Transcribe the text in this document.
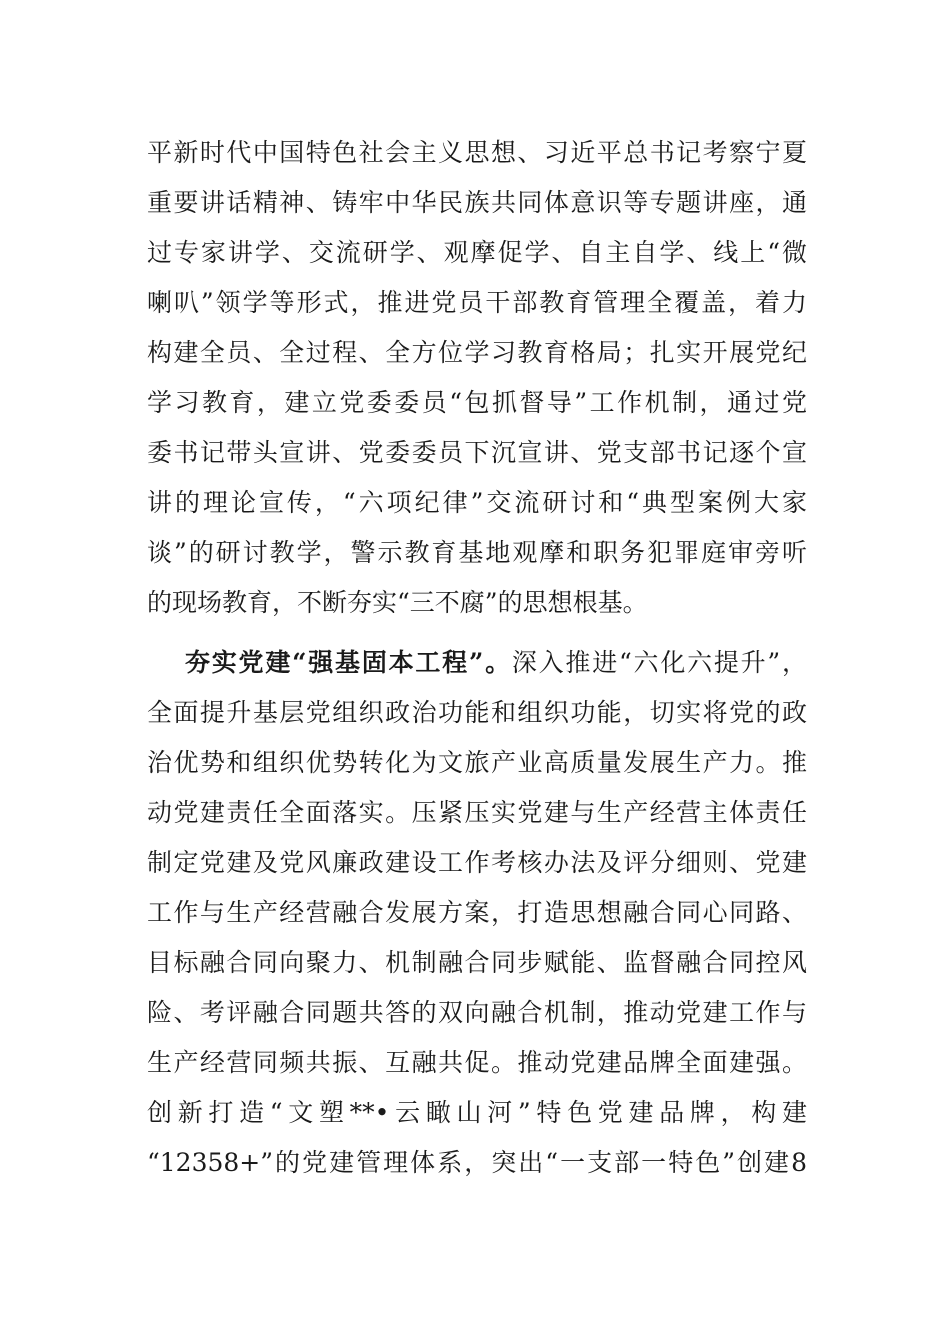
平新时代中国特色社会主义思想、习近平总书记考察宁夏
重要讲话精神、铸牢中华民族共同体意识等专题讲座，通
过专家讲学、交流研学、观摩促学、自主自学、线上“微
喇叭”领学等形式，推进党员干部教育管理全覆盖，着力
构建全员、全过程、全方位学习教育格局；扎实开展党纪
学习教育，建立党委委员“包抓督导”工作机制，通过党
委书记带头宣讲、党委委员下沉宣讲、党支部书记逐个宣
讲的理论宣传，“六项纪律”交流研讨和“典型案例大家
谈”的研讨教学，警示教育基地观摩和职务犯罪庭审旁听
的现场教育，不断夯实“三不腐”的思想根基。
夯实党建“强基固本工程”。深入推进“六化六提升”，
全面提升基层党组织政治功能和组织功能，切实将党的政
治优势和组织优势转化为文旅产业高质量发展生产力。推
动党建责任全面落实。压紧压实党建与生产经营主体责任
制定党建及党风廉政建设工作考核办法及评分细则、党建
工作与生产经营融合发展方案，打造思想融合同心同路、
目标融合同向聚力、机制融合同步赋能、监督融合同控风
险、考评融合同题共答的双向融合机制，推动党建工作与
生产经营同频共振、互融共促。推动党建品牌全面建强。
创新打造“文塑**•云瞰山河”特色党建品牌，构建
“12358+”的党建管理体系，突出“一支部一特色”创建8
